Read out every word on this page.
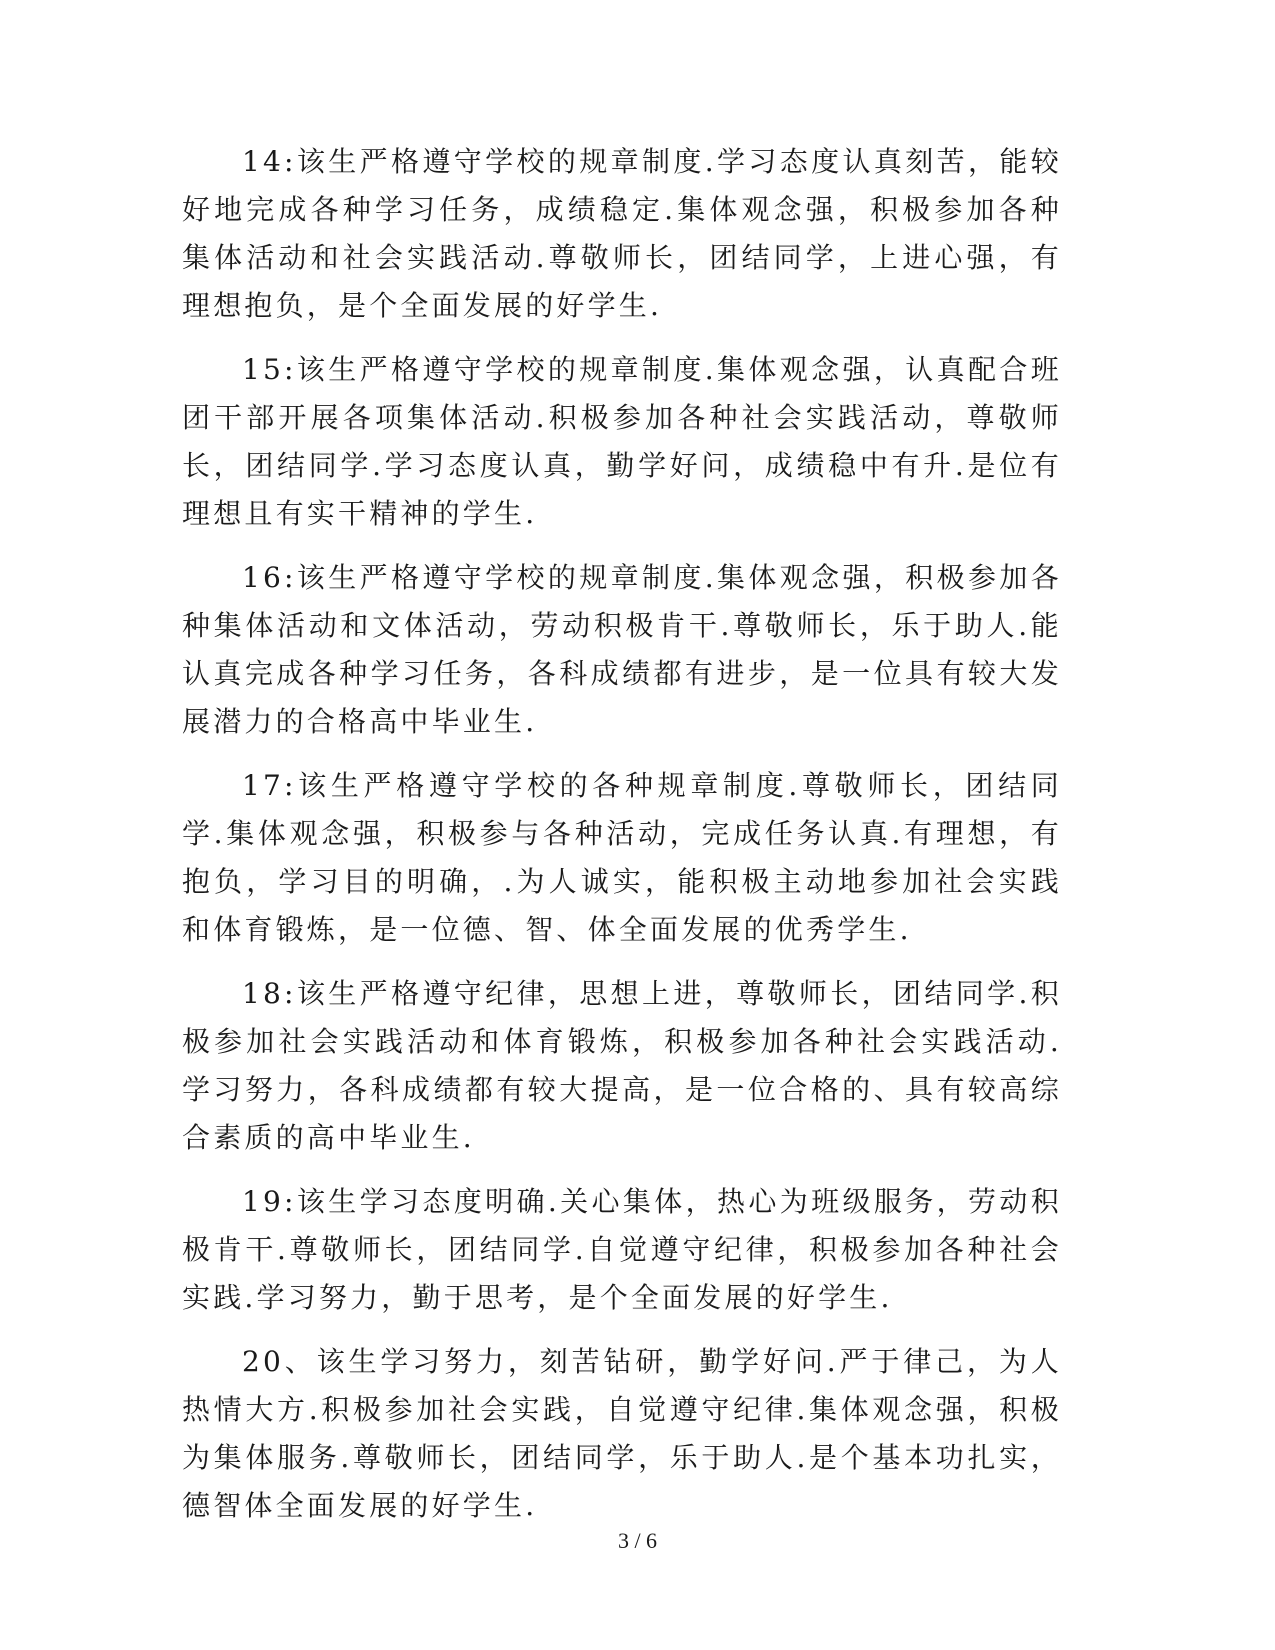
14:该生严格遵守学校的规章制度.学习态度认真刻苦，能较好地完成各种学习任务，成绩稳定.集体观念强，积极参加各种集体活动和社会实践活动.尊敬师长，团结同学，上进心强，有理想抱负，是个全面发展的好学生.

15:该生严格遵守学校的规章制度.集体观念强，认真配合班团干部开展各项集体活动.积极参加各种社会实践活动，尊敬师长，团结同学.学习态度认真，勤学好问，成绩稳中有升.是位有理想且有实干精神的学生.

16:该生严格遵守学校的规章制度.集体观念强，积极参加各种集体活动和文体活动，劳动积极肯干.尊敬师长，乐于助人.能认真完成各种学习任务，各科成绩都有进步，是一位具有较大发展潜力的合格高中毕业生.

17:该生严格遵守学校的各种规章制度.尊敬师长，团结同学.集体观念强，积极参与各种活动，完成任务认真.有理想，有抱负，学习目的明确，.为人诚实，能积极主动地参加社会实践和体育锻炼，是一位德、智、体全面发展的优秀学生.

18:该生严格遵守纪律，思想上进，尊敬师长，团结同学.积极参加社会实践活动和体育锻炼，积极参加各种社会实践活动.学习努力，各科成绩都有较大提高，是一位合格的、具有较高综合素质的高中毕业生.

19:该生学习态度明确.关心集体，热心为班级服务，劳动积极肯干.尊敬师长，团结同学.自觉遵守纪律，积极参加各种社会实践.学习努力，勤于思考，是个全面发展的好学生.

20、该生学习努力，刻苦钻研，勤学好问.严于律己，为人热情大方.积极参加社会实践，自觉遵守纪律.集体观念强，积极为集体服务.尊敬师长，团结同学，乐于助人.是个基本功扎实，德智体全面发展的好学生.

3 / 6
